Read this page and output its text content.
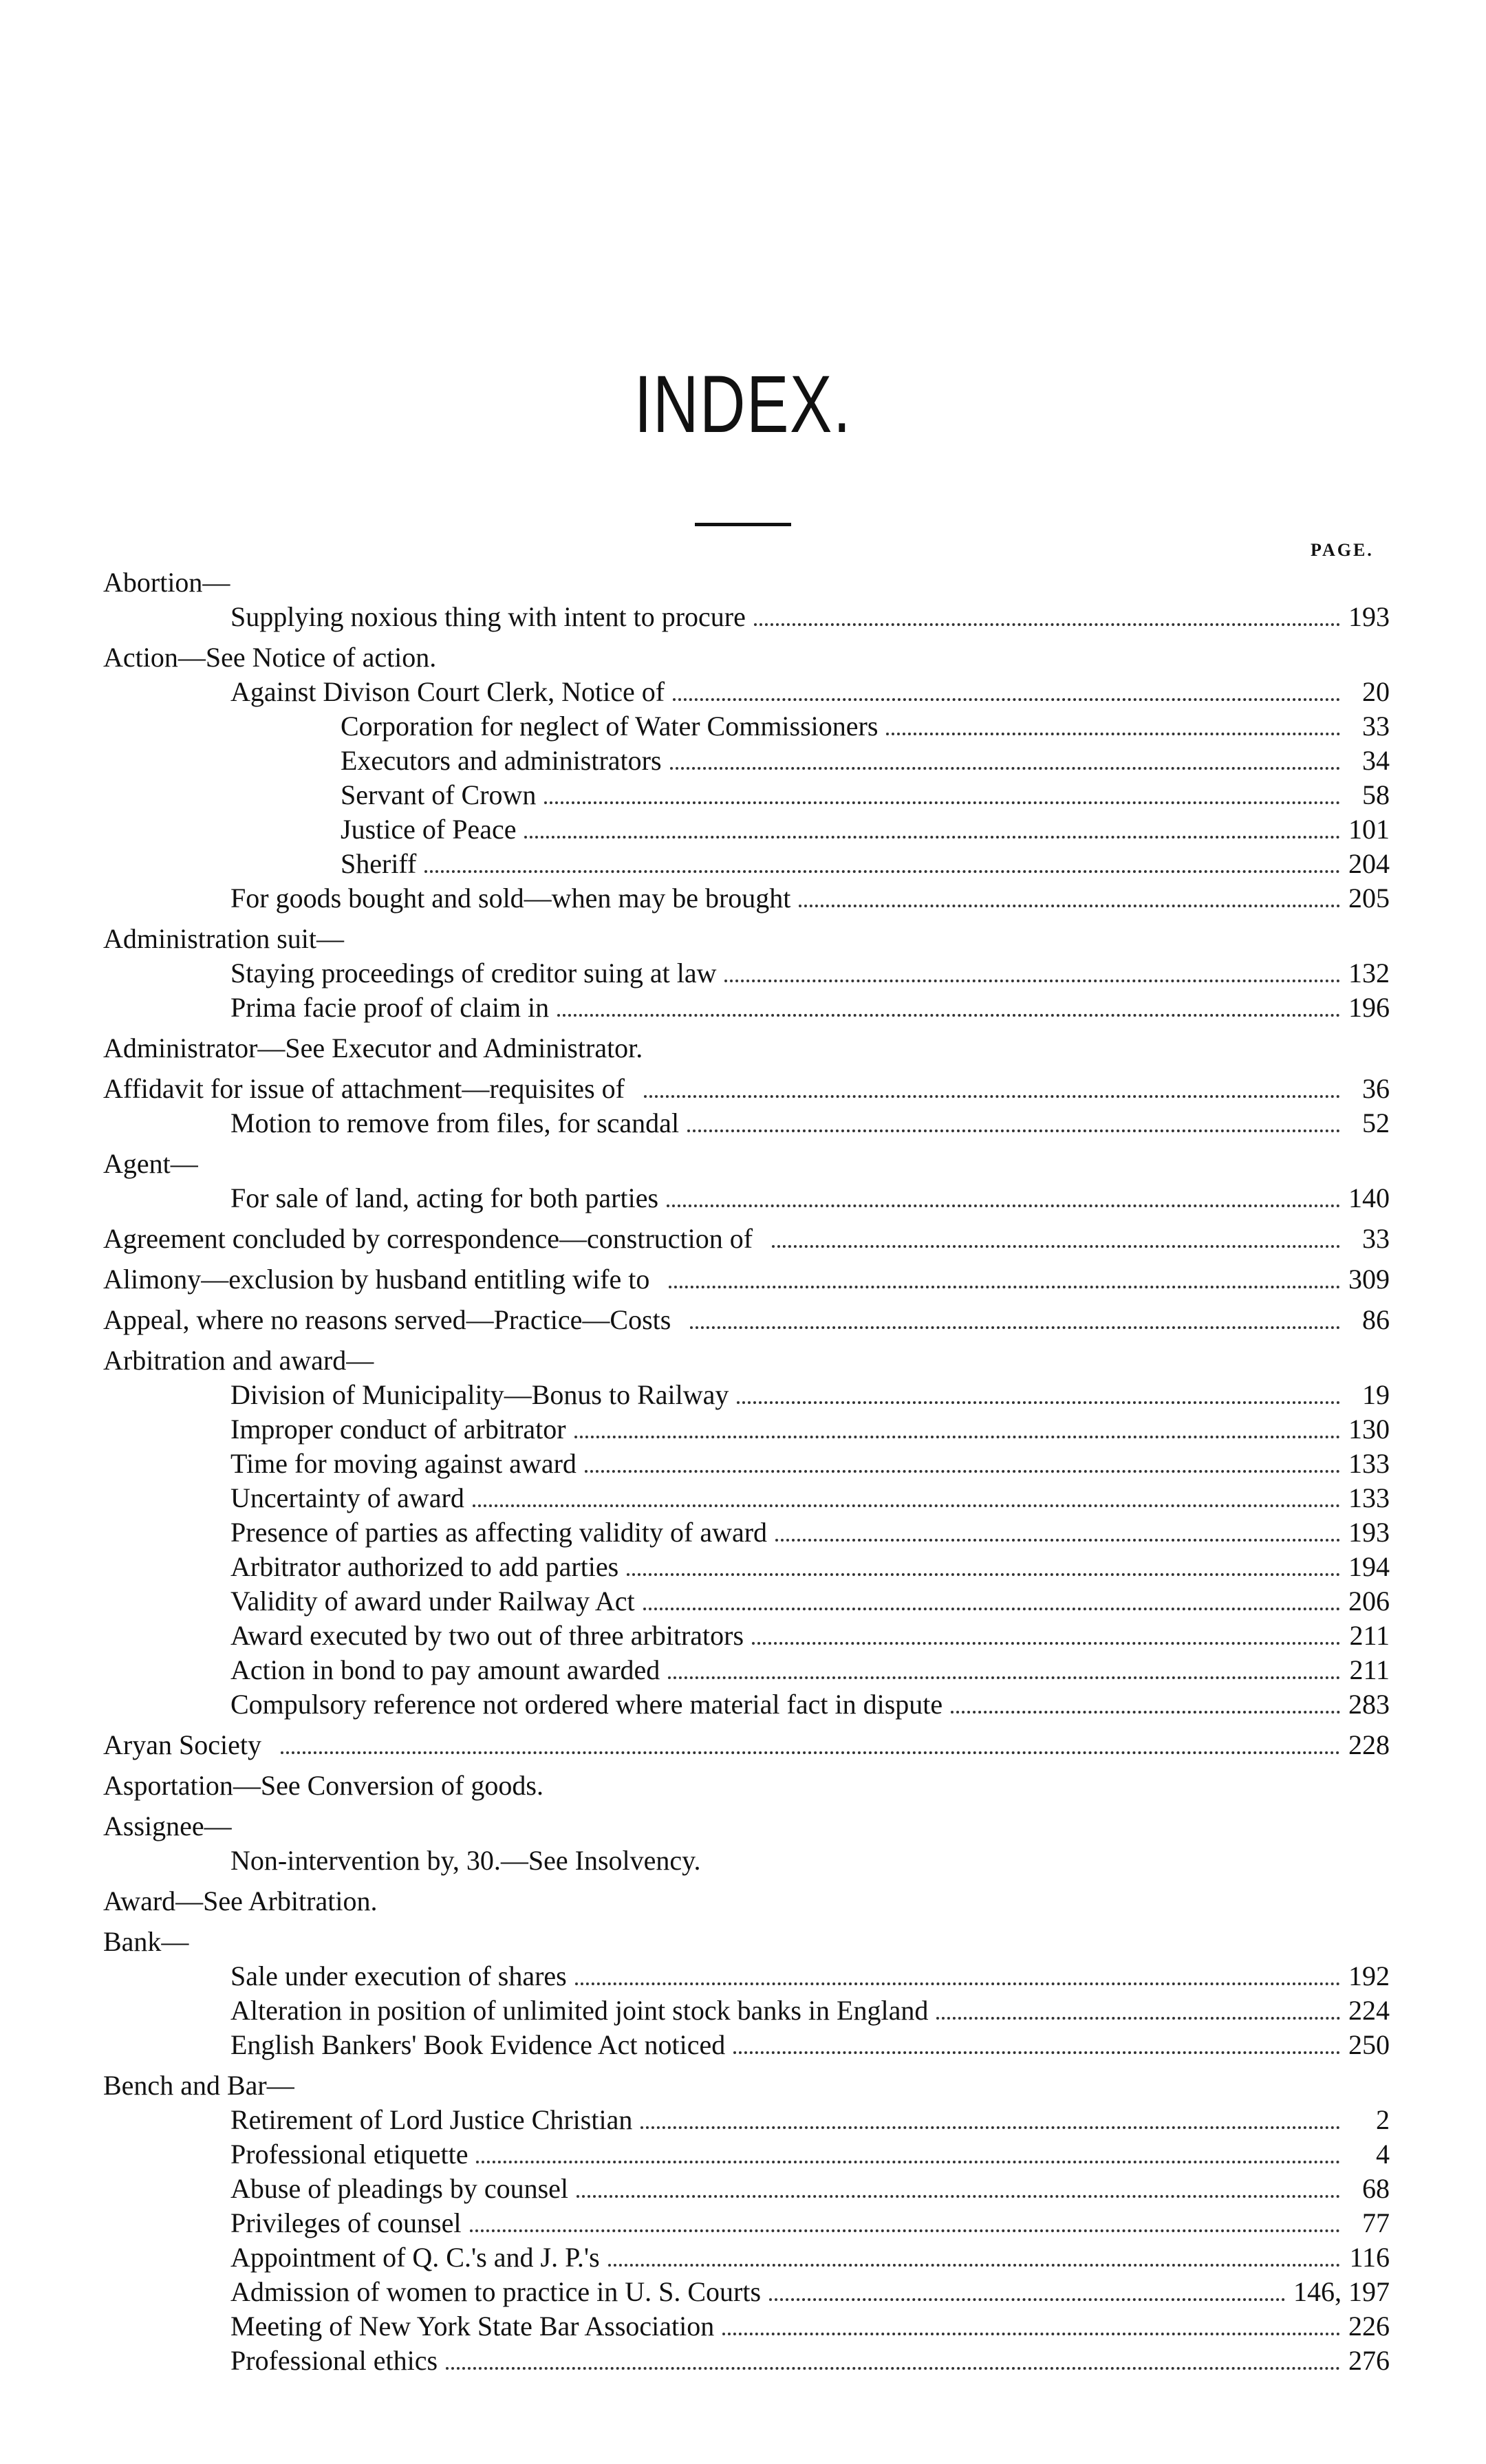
INDEX.
PAGE.
Abortion—
Supplying noxious thing with intent to procure	193
Action—See Notice of action.
Against Divison Court Clerk, Notice of	20
Corporation for neglect of Water Commissioners	33
Executors and administrators	34
Servant of Crown	58
Justice of Peace	101
Sheriff	204
For goods bought and sold—when may be brought	205
Administration suit—
Staying proceedings of creditor suing at law	132
Prima facie proof of claim in	196
Administrator—See Executor and Administrator.
Affidavit for issue of attachment—requisites of	36
Motion to remove from files, for scandal	52
Agent—
For sale of land, acting for both parties	140
Agreement concluded by correspondence—construction of	33
Alimony—exclusion by husband entitling wife to	309
Appeal, where no reasons served—Practice—Costs	86
Arbitration and award—
Division of Municipality—Bonus to Railway	19
Improper conduct of arbitrator	130
Time for moving against award	133
Uncertainty of award	133
Presence of parties as affecting validity of award	193
Arbitrator authorized to add parties	194
Validity of award under Railway Act	206
Award executed by two out of three arbitrators	211
Action in bond to pay amount awarded	211
Compulsory reference not ordered where material fact in dispute	283
Aryan Society	228
Asportation—See Conversion of goods.
Assignee—
Non-intervention by, 30.—See Insolvency.
Award—See Arbitration.
Bank—
Sale under execution of shares	192
Alteration in position of unlimited joint stock banks in England	224
English Bankers' Book Evidence Act noticed	250
Bench and Bar—
Retirement of Lord Justice Christian	2
Professional etiquette	4
Abuse of pleadings by counsel	68
Privileges of counsel	77
Appointment of Q. C.'s and J. P.'s	116
Admission of women to practice in U. S. Courts	146, 197
Meeting of New York State Bar Association	226
Professional ethics	276
